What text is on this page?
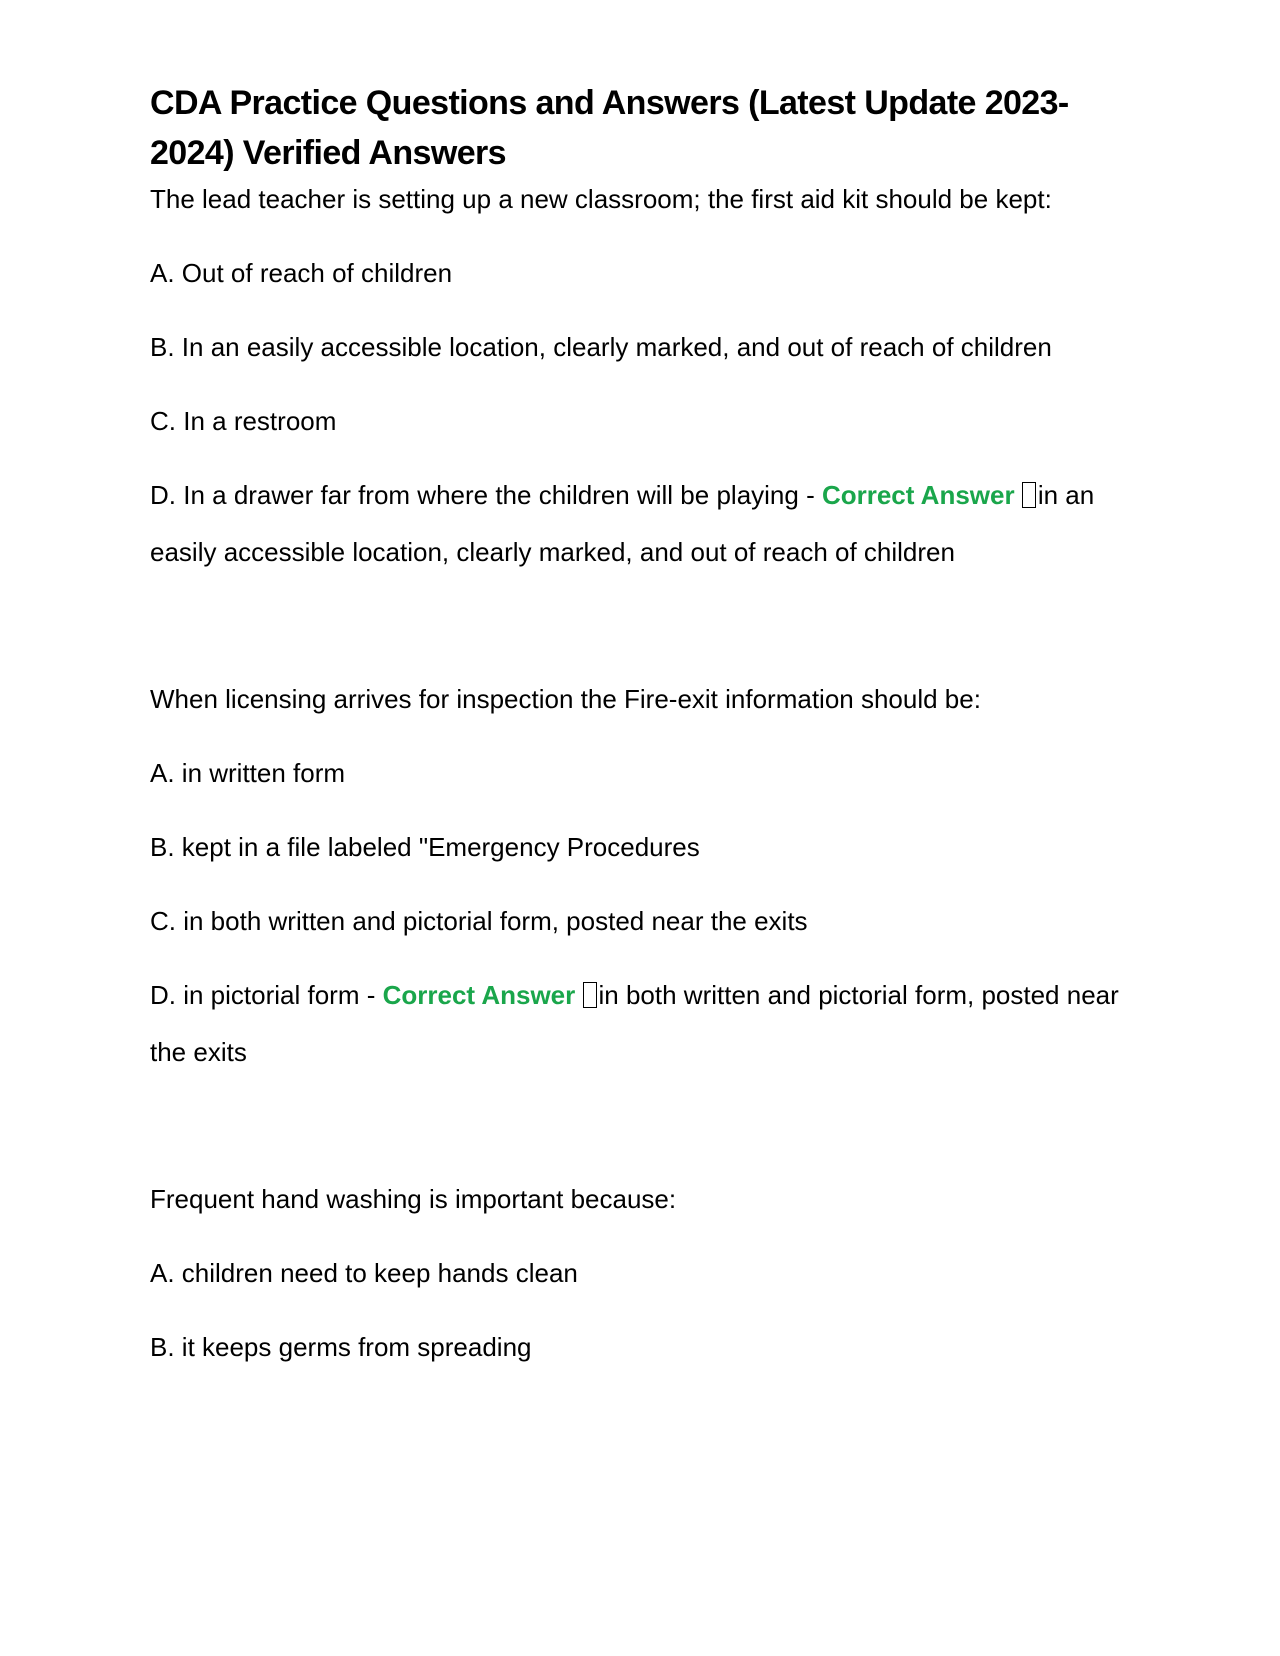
CDA Practice Questions and Answers (Latest Update 2023-2024) Verified Answers

The lead teacher is setting up a new classroom; the first aid kit should be kept:

A. Out of reach of children

B. In an easily accessible location, clearly marked, and out of reach of children

C. In a restroom

D. In a drawer far from where the children will be playing - Correct Answer in an easily accessible location, clearly marked, and out of reach of children

When licensing arrives for inspection the Fire-exit information should be:

A. in written form

B. kept in a file labeled "Emergency Procedures

C. in both written and pictorial form, posted near the exits

D. in pictorial form - Correct Answer in both written and pictorial form, posted near the exits

Frequent hand washing is important because:

A. children need to keep hands clean

B. it keeps germs from spreading
